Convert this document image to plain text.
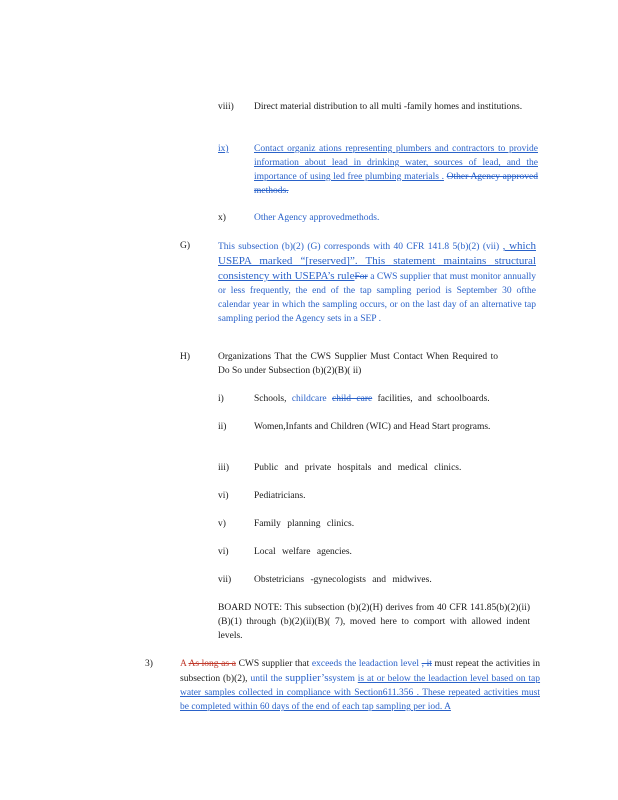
viii) Direct material distribution to all multi -family homes and institutions.
ix)	Contact organiz ations representing plumbers and contractors to provide information about lead in drinking water, sources of lead, and the importance of using led free plumbing materials . Other Agency approved methods.
x)	Other Agency approvedmethods.
G)	This subsection (b)(2) (G) corresponds with 40 CFR 141.8 5(b)(2) (vii) , which USEPA marked “[reserved]”. This statement maintains structural consistency with USEPA’s ruleFor a CWS supplier that must monitor annually or less frequently, the end of the tap sampling period is September 30 ofthe calendar year in which the sampling occurs, or on the last day of an alternative tap sampling period the Agency sets in a SEP .
H)	Organizations That the CWS Supplier Must Contact When Required to Do So under Subsection (b)(2)(B)( ii)
i)	Schools, childcare child care facilities, and schoolboards.
ii)	Women,Infants and Children (WIC) and Head Start programs.
iii)	Public and private hospitals and medical clinics.
vi)	Pediatricians.
v)	Family planning clinics.
vi)	Local welfare agencies.
vii) Obstetricians -gynecologists and midwives.
BOARD NOTE: This subsection (b)(2)(H) derives from 40 CFR 141.85(b)(2)(ii)(B)(1) through (b)(2)(ii)(B)( 7), moved here to comport with allowed indent levels.
3)	A As long as a CWS supplier that exceeds the leadaction level , it must repeat the activities in subsection (b)(2), until the supplier’ssystem is at or below the leadaction level based on tap water samples collected in compliance with Section611.356 . These repeated activities must be completed within 60 days of the end of each tap sampling per iod. A
